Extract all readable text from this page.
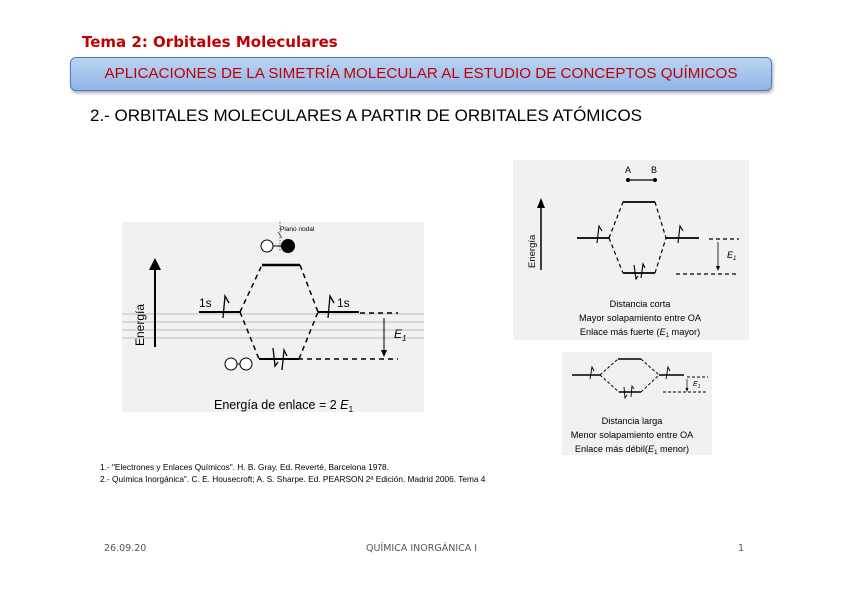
Tema 2: Orbitales Moleculares
APLICACIONES DE LA SIMETRÍA MOLECULAR AL ESTUDIO DE CONCEPTOS QUÍMICOS
2.- ORBITALES MOLECULARES A PARTIR DE ORBITALES ATÓMICOS
Energía
Plano nodal
1s	1s
$E_1$
Energía de enlace = 2 $E_1$
A B
Energía	$E_1$
Distancia corta
Mayor solapamiento entre OA
Enlace más fuerte ($E_1$ mayor)
$E_1$
Distancia larga
Menor solapamiento entre OA
Enlace más $débil(E_1$ menor)
1.- "Electrones y Enlaces Químicos". H. B. Gray. Ed. Reverté, Barcelona 1978.
2.- Química Inorgánica". C. E. Housecroft; A. S. Sharpe. Ed. PEARSON 2ª Edición. Madrid 2006. Tema 4
26.09.20	QUÍMICA INORGÁNICA I	1
